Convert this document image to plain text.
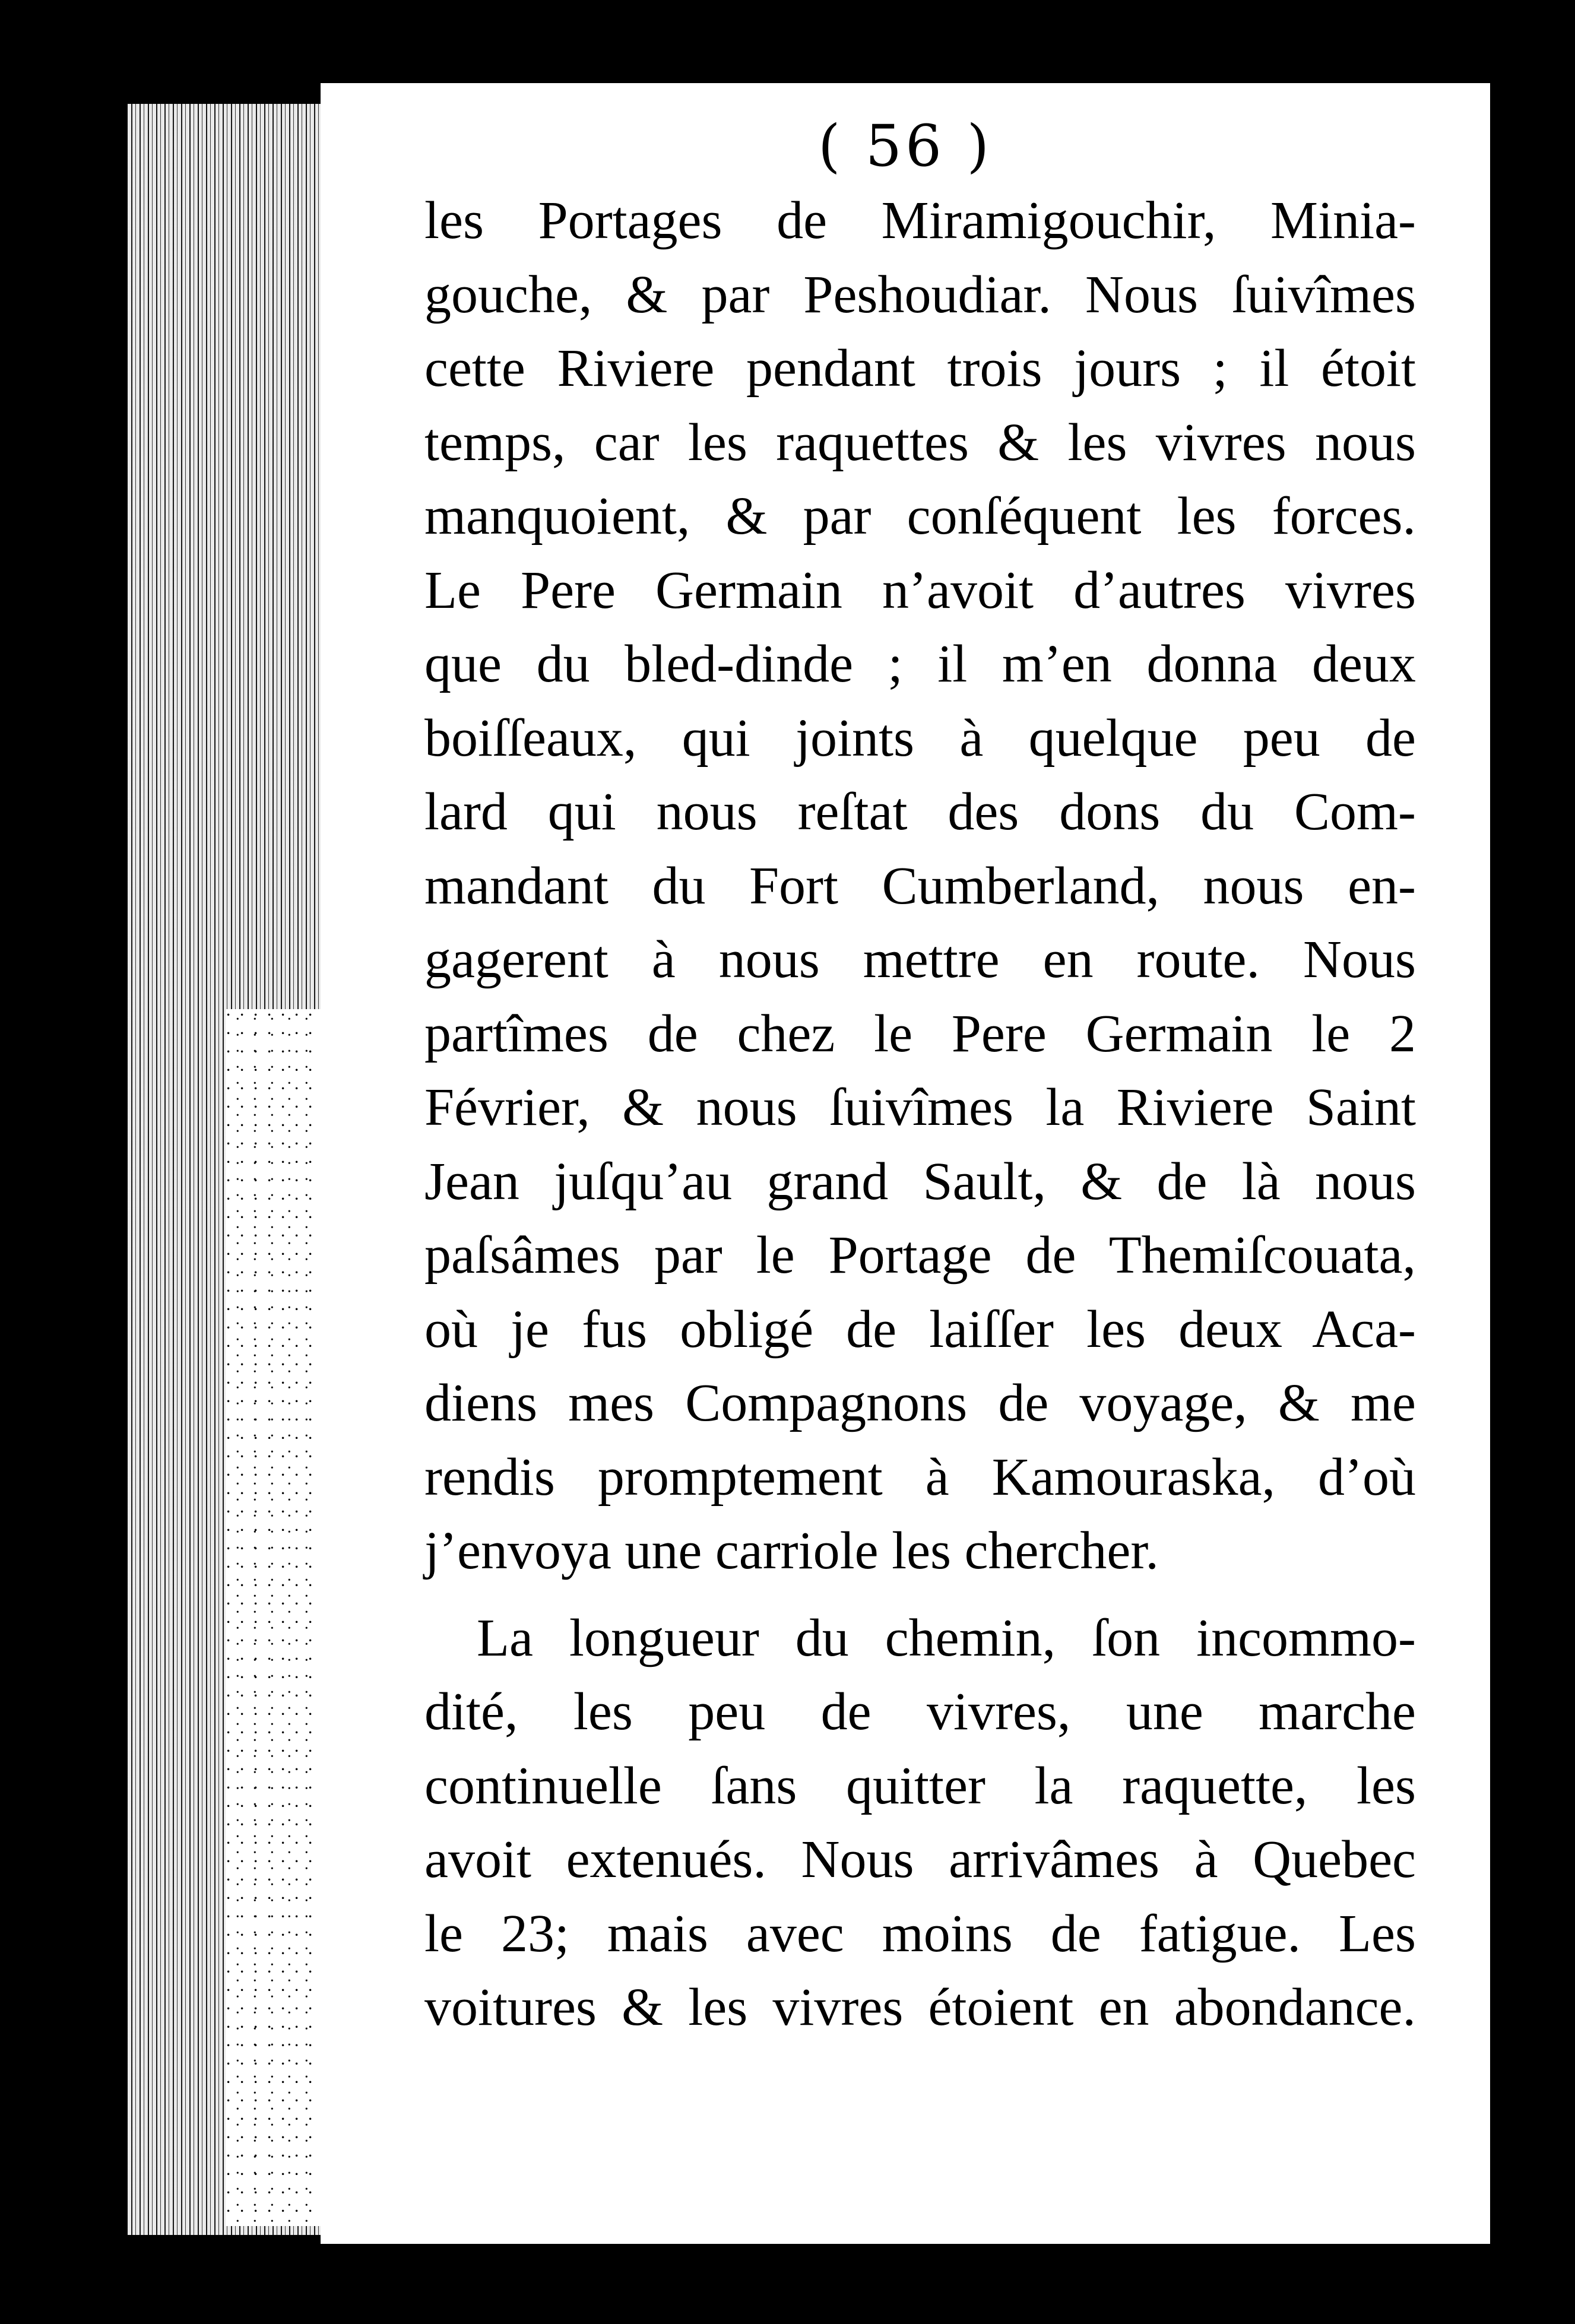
( 56 )
les Portages de Miramigouchir, Minia-
gouche, & par Peshoudiar. Nous ſuivîmes
cette Riviere pendant trois jours ; il étoit
temps, car les raquettes & les vivres nous
manquoient, & par conſéquent les forces.
Le Pere Germain n’avoit d’autres vivres
que du bled-dinde ; il m’en donna deux
boiſſeaux, qui joints à quelque peu de
lard qui nous reſtat des dons du Com-
mandant du Fort Cumberland, nous en-
gagerent à nous mettre en route. Nous
partîmes de chez le Pere Germain le 2
Février, & nous ſuivîmes la Riviere Saint
Jean juſqu’au grand Sault, & de là nous
paſsâmes par le Portage de Themiſcouata,
où je fus obligé de laiſſer les deux Aca-
diens mes Compagnons de voyage, & me
rendis promptement à Kamouraska, d’où
j’envoya une carriole les chercher.
La longueur du chemin, ſon incommo-
dité, les peu de vivres, une marche
continuelle ſans quitter la raquette, les
avoit extenués. Nous arrivâmes à Quebec
le 23; mais avec moins de fatigue. Les
voitures & les vivres étoient en abondance.
